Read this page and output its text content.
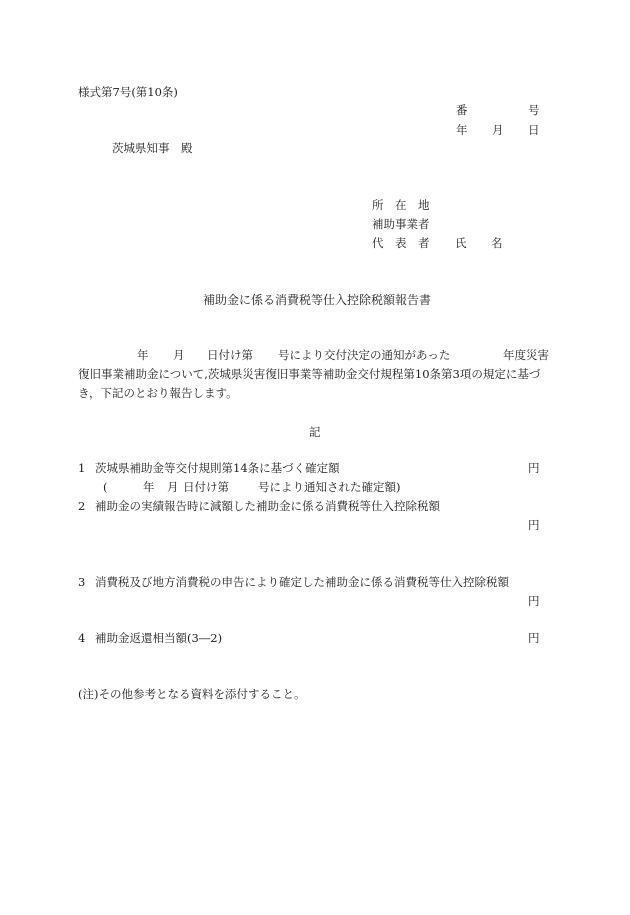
様式第7号(第10条)
番	号
年 月 日
茨城県知事　殿
所　在　地
補助事業者
代　表　者 氏 名
補助金に係る消費税等仕入控除税額報告書
年 月 日付け第 号により交付決定の通知があった	年度災害
復旧事業補助金について,茨城県災害復旧事業等補助金交付規程第10条第3項の規定に基づ
き，下記のとおり報告します。
記
1 茨城県補助金等交付規則第14条に基づく確定額	円
(	年 月 日付け第	号により通知された確定額)
2 補助金の実績報告時に減額した補助金に係る消費税等仕入控除税額
円
3 消費税及び地方消費税の申告により確定した補助金に係る消費税等仕入控除税額
円
4 補助金返還相当額(3―2)	円
(注)その他参考となる資料を添付すること。
